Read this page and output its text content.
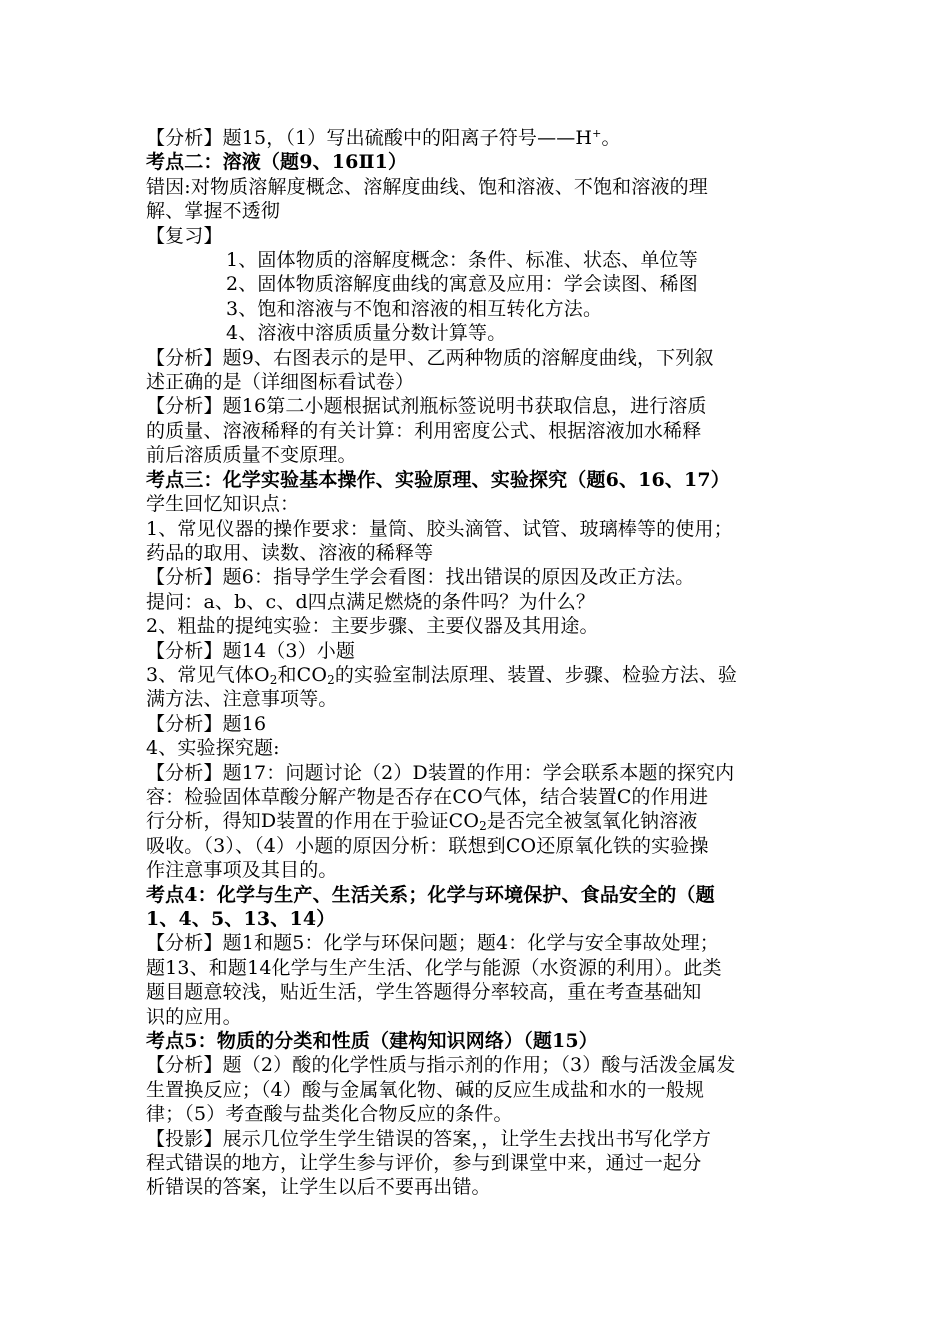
【分析】题15，（1）写出硫酸中的阳离子符号——H+。
考点二：溶液（题9、16Ⅱ1）
错因:对物质溶解度概念、溶解度曲线、饱和溶液、不饱和溶液的理
解、掌握不透彻
【复习】
1、固体物质的溶解度概念：条件、标准、状态、单位等
2、固体物质溶解度曲线的寓意及应用：学会读图、稀图
3、饱和溶液与不饱和溶液的相互转化方法。
4、溶液中溶质质量分数计算等。
【分析】题9、右图表示的是甲、乙两种物质的溶解度曲线，下列叙
述正确的是（详细图标看试卷）
【分析】题16第二小题根据试剂瓶标签说明书获取信息，进行溶质
的质量、溶液稀释的有关计算：利用密度公式、根据溶液加水稀释
前后溶质质量不变原理。
考点三：化学实验基本操作、实验原理、实验探究（题6、16、17）
学生回忆知识点：
1、常见仪器的操作要求：量筒、胶头滴管、试管、玻璃棒等的使用；
药品的取用、读数、溶液的稀释等
【分析】题6：指导学生学会看图：找出错误的原因及改正方法。
提问：a、b、c、d四点满足燃烧的条件吗？为什么？
2、粗盐的提纯实验：主要步骤、主要仪器及其用途。
【分析】题14（3）小题
3、常见气体$O_2$和$CO_2$的实验室制法原理、装置、步骤、检验方法、验
满方法、注意事项等。
【分析】题16
4、实验探究题:
【分析】题17：问题讨论（2）D装置的作用：学会联系本题的探究内
容：检验固体草酸分解产物是否存在CO气体，结合装置C的作用进
行分析，得知D装置的作用在于验证$CO_2$是否完全被氢氧化钠溶液
吸收。（3）、（4）小题的原因分析：联想到CO还原氧化铁的实验操
作注意事项及其目的。
考点4：化学与生产、生活关系；化学与环境保护、食品安全的（题
1、4、5、13、14）
【分析】题1和题5：化学与环保问题；题4：化学与安全事故处理；
题13、和题14化学与生产生活、化学与能源（水资源的利用）。此类
题目题意较浅，贴近生活，学生答题得分率较高，重在考查基础知
识的应用。
考点5：物质的分类和性质（建构知识网络）（题15）
【分析】题（2）酸的化学性质与指示剂的作用；（3）酸与活泼金属发
生置换反应；（4）酸与金属氧化物、碱的反应生成盐和水的一般规
律；（5）考查酸与盐类化合物反应的条件。
【投影】展示几位学生学生错误的答案，，让学生去找出书写化学方
程式错误的地方，让学生参与评价，参与到课堂中来，通过一起分
析错误的答案，让学生以后不要再出错。
